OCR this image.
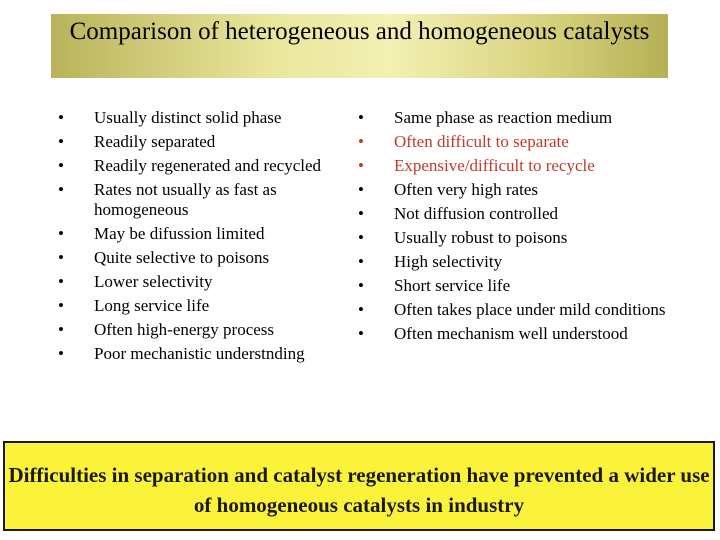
Comparison of heterogeneous and homogeneous catalysts
• Usually distinct solid phase
• Readily separated
• Readily regenerated and recycled
• Rates not usually as fast as homogeneous
• May be difussion limited
• Quite selective to poisons
• Lower selectivity
• Long service life
• Often high-energy process
• Poor mechanistic understnding
• Same phase as reaction medium
• Often difficult to separate
• Expensive/difficult to recycle
• Often very high rates
• Not diffusion controlled
• Usually robust to poisons
• High selectivity
• Short service life
• Often takes place under mild conditions
• Often mechanism well understood
Difficulties in separation and catalyst regeneration have prevented a wider use of homogeneous catalysts in industry
